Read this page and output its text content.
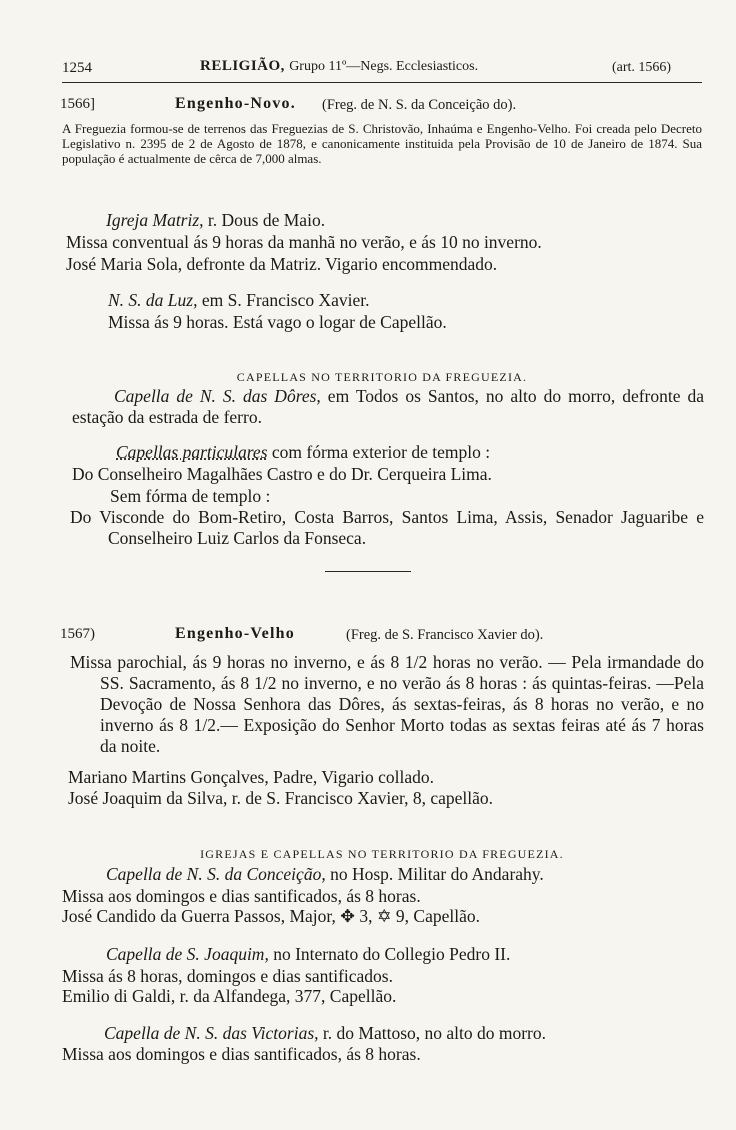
1254	RELIGIÃO, Grupo 11º—Negs. Ecclesiasticos.	(art. 1566)
1566]	Engenho-Novo. (Freg. de N. S. da Conceição do).
A Freguezia formou-se de terrenos das Freguezias de S. Christovão, Inhaúma e Engenho-Velho. Foi creada pelo Decreto Legislativo n. 2395 de 2 de Agosto de 1878, e canonicamente instituida pela Provisão de 10 de Janeiro de 1874. Sua população é actualmente de cêrca de 7,000 almas.
Igreja Matriz, r. Dous de Maio.
Missa conventual ás 9 horas da manhã no verão, e ás 10 no inverno.
José Maria Sola, defronte da Matriz. Vigario encommendado.
N. S. da Luz, em S. Francisco Xavier.
Missa ás 9 horas. Está vago o logar de Capellão.
CAPELLAS NO TERRITORIO DA FREGUEZIA.
Capella de N. S. das Dôres, em Todos os Santos, no alto do morro, defronte da estação da estrada de ferro.
Capellas particulares com fórma exterior de templo :
Do Conselheiro Magalhães Castro e do Dr. Cerqueira Lima.
Sem fórma de templo :
Do Visconde do Bom-Retiro, Costa Barros, Santos Lima, Assis, Senador Jaguaribe e Conselheiro Luiz Carlos da Fonseca.
1567)	Engenho-Velho	(Freg. de S. Francisco Xavier do).
Missa parochial, ás 9 horas no inverno, e ás 8 1/2 horas no verão. — Pela irmandade do SS. Sacramento, ás 8 1/2 no inverno, e no verão ás 8 horas : ás quintas-feiras. —Pela Devoção de Nossa Senhora das Dôres, ás sextas-feiras, ás 8 horas no verão, e no inverno ás 8 1/2.— Exposição do Senhor Morto todas as sextas feiras até ás 7 horas da noite.
Mariano Martins Gonçalves, Padre, Vigario collado.
José Joaquim da Silva, r. de S. Francisco Xavier, 8, capellão.
IGREJAS E CAPELLAS NO TERRITORIO DA FREGUEZIA.
Capella de N. S. da Conceição, no Hosp. Militar do Andarahy.
Missa aos domingos e dias santificados, ás 8 horas.
José Candido da Guerra Passos, Major, ✥ 3, ✡ 9, Capellão.
Capella de S. Joaquim, no Internato do Collegio Pedro II.
Missa ás 8 horas, domingos e dias santificados.
Emilio di Galdi, r. da Alfandega, 377, Capellão.
Capella de N. S. das Victorias, r. do Mattoso, no alto do morro.
Missa aos domingos e dias santificados, ás 8 horas.
